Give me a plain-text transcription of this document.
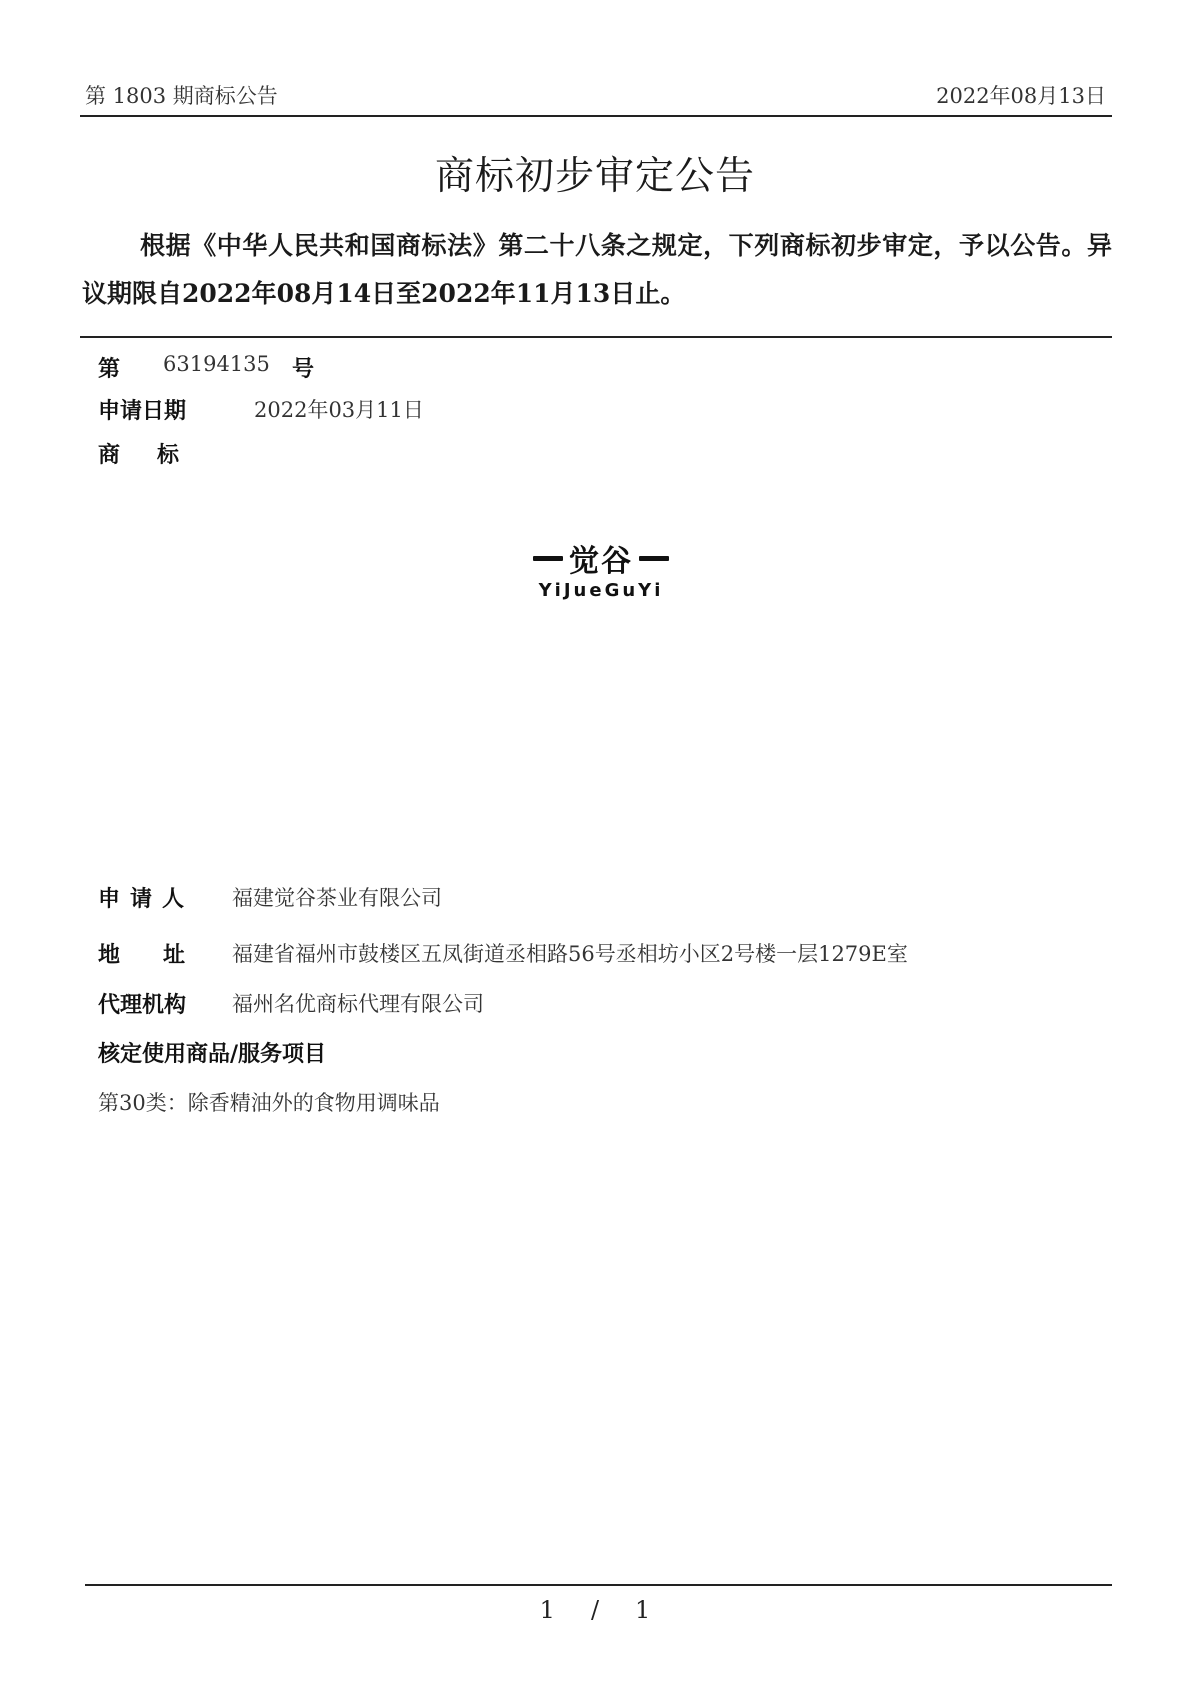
第 1803 期商标公告	2022年08月13日
商标初步审定公告
根据《中华人民共和国商标法》第二十八条之规定，下列商标初步审定，予以公告。异议期限自2022年08月14日至2022年11月13日止。
第 63194135 号
申请日期	2022年03月11日
商标
觉谷
YiJueGuYi
申请人 福建觉谷茶业有限公司
地址 福建省福州市鼓楼区五凤街道丞相路56号丞相坊小区2号楼一层1279E室
代理机构 福州名优商标代理有限公司
核定使用商品/服务项目
第30类：除香精油外的食物用调味品
1 / 1
